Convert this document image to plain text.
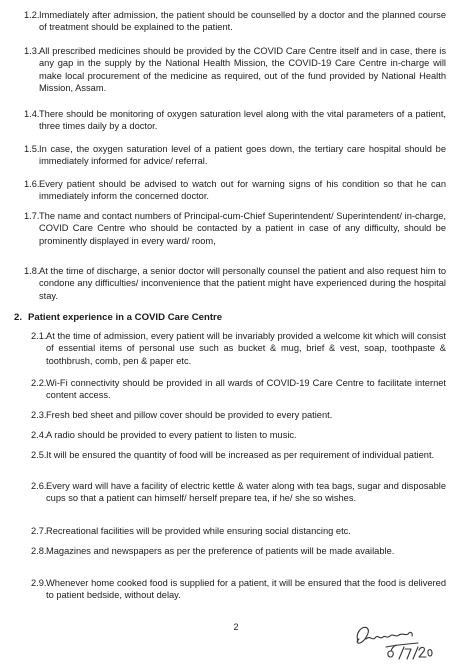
1.2. Immediately after admission, the patient should be counselled by a doctor and the planned course of treatment should be explained to the patient.
1.3. All prescribed medicines should be provided by the COVID Care Centre itself and in case, there is any gap in the supply by the National Health Mission, the COVID-19 Care Centre in-charge will make local procurement of the medicine as required, out of the fund provided by National Health Mission, Assam.
1.4. There should be monitoring of oxygen saturation level along with the vital parameters of a patient, three times daily by a doctor.
1.5. In case, the oxygen saturation level of a patient goes down, the tertiary care hospital should be immediately informed for advice/ referral.
1.6. Every patient should be advised to watch out for warning signs of his condition so that he can immediately inform the concerned doctor.
1.7. The name and contact numbers of Principal-cum-Chief Superintendent/ Superintendent/ in-charge, COVID Care Centre who should be contacted by a patient in case of any difficulty, should be prominently displayed in every ward/ room,
1.8. At the time of discharge, a senior doctor will personally counsel the patient and also request him to condone any difficulties/ inconvenience that the patient might have experienced during the hospital stay.
2. Patient experience in a COVID Care Centre
2.1. At the time of admission, every patient will be invariably provided a welcome kit which will consist of essential items of personal use such as bucket & mug, brief & vest, soap, toothpaste & toothbrush, comb, pen & paper etc.
2.2. Wi-Fi connectivity should be provided in all wards of COVID-19 Care Centre to facilitate internet content access.
2.3. Fresh bed sheet and pillow cover should be provided to every patient.
2.4. A radio should be provided to every patient to listen to music.
2.5. It will be ensured the quantity of food will be increased as per requirement of individual patient.
2.6. Every ward will have a facility of electric kettle & water along with tea bags, sugar and disposable cups so that a patient can himself/ herself prepare tea, if he/ she so wishes.
2.7. Recreational facilities will be provided while ensuring social distancing etc.
2.8. Magazines and newspapers as per the preference of patients will be made available.
2.9. Whenever home cooked food is supplied for a patient, it will be ensured that the food is delivered to patient bedside, without delay.
2
